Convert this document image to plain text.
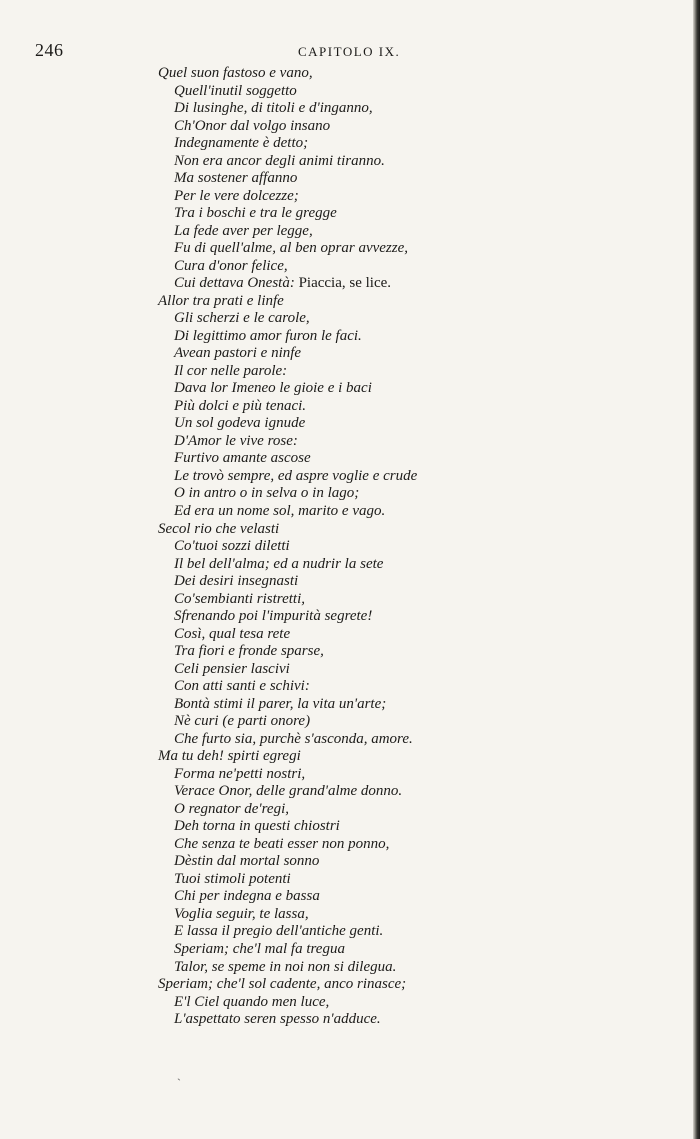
246	CAPITOLO IX.
Quel suon fastoso e vano,
Quell'inutil soggetto
Di lusinghe, di titoli e d'inganno,
Ch'Onor dal volgo insano
Indegnamente è detto;
Non era ancor degli animi tiranno.
Ma sostener affanno
Per le vere dolcezze;
Tra i boschi e tra le gregge
La fede aver per legge,
Fu di quell'alme, al ben oprar avvezze,
Cura d'onor felice,
Cui dettava Onestà: Piaccia, se lice.
Allor tra prati e linfe
Gli scherzi e le carole,
Di legittimo amor furon le faci.
Avean pastori e ninfe
Il cor nelle parole:
Dava lor Imeneo le gioie e i baci
Più dolci e più tenaci.
Un sol godeva ignude
D'Amor le vive rose:
Furtivo amante ascose
Le trovò sempre, ed aspre voglie e crude
O in antro o in selva o in lago;
Ed era un nome sol, marito e vago.
Secol rio che velasti
Co'tuoi sozzi diletti
Il bel dell'alma; ed a nudrir la sete
Dei desiri insegnasti
Co'sembianti ristretti,
Sfrenando poi l'impurità segrete!
Così, qual tesa rete
Tra fiori e fronde sparse,
Celi pensier lascivi
Con atti santi e schivi:
Bontà stimi il parer, la vita un'arte;
Nè curi (e parti onore)
Che furto sia, purchè s'asconda, amore.
Ma tu deh! spirti egregi
Forma ne'petti nostri,
Verace Onor, delle grand'alme donno.
O regnator de'regi,
Deh torna in questi chiostri
Che senza te beati esser non ponno,
Dèstin dal mortal sonno
Tuoi stimoli potenti
Chi per indegna e bassa
Voglia seguir, te lassa,
E lassa il pregio dell'antiche genti.
Speriam; che'l mal fa tregua
Talor, se speme in noi non si dilegua.
Speriam; che'l sol cadente, anco rinasce;
E'l Ciel quando men luce,
L'aspettato seren spesso n'adduce.
`
